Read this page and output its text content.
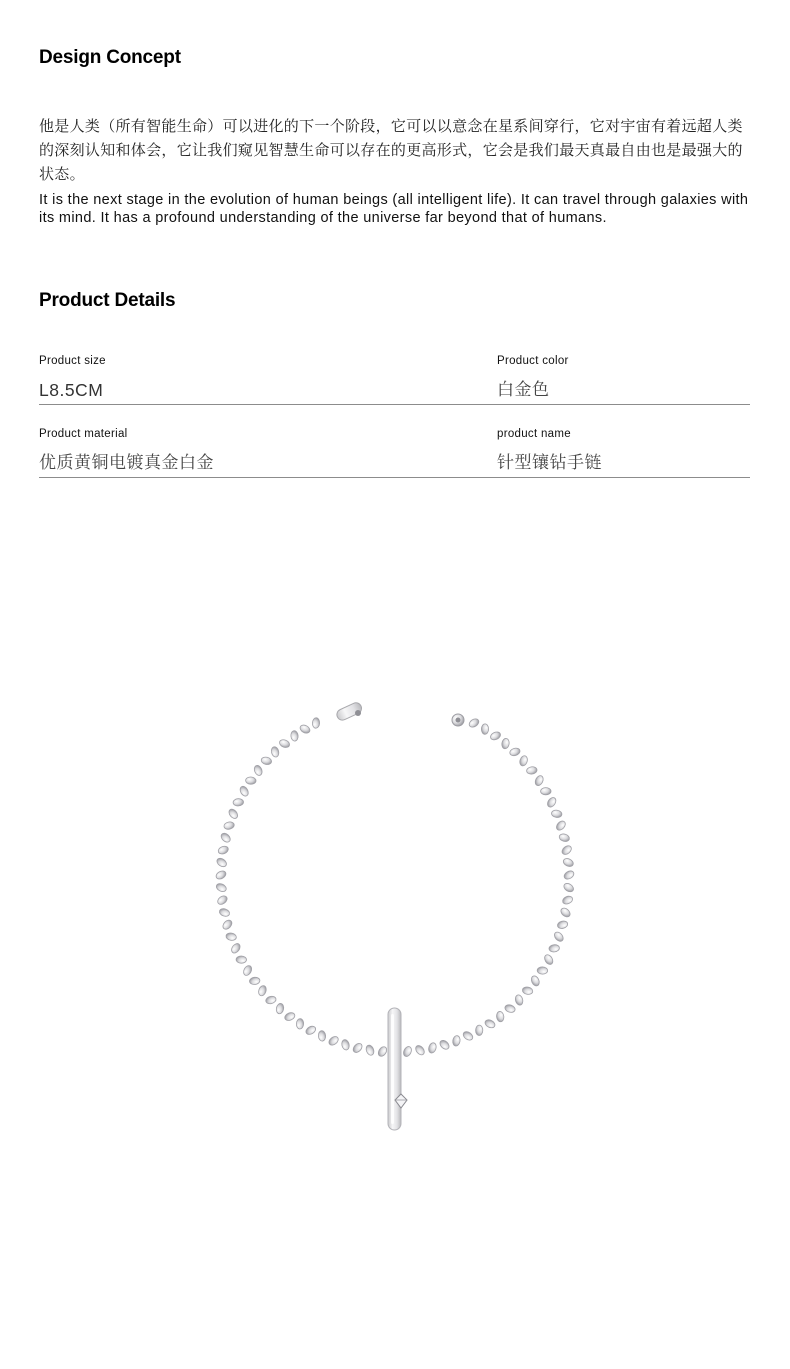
Design Concept

他是人类（所有智能生命）可以进化的下一个阶段，它可以以意念在星系间穿行，它对宇宙有着远超人类的深刻认知和体会，它让我们窥见智慧生命可以存在的更高形式，它会是我们最天真最自由也是最强大的状态。

It is the next stage in the evolution of human beings (all intelligent life). It can travel through galaxies with its mind. It has a profound understanding of the universe far beyond that of humans.

Product Details
Product size
L8.5CM
Product color
白金色
Product material
优质黄铜电镀真金白金
product name
针型镶钻手链
